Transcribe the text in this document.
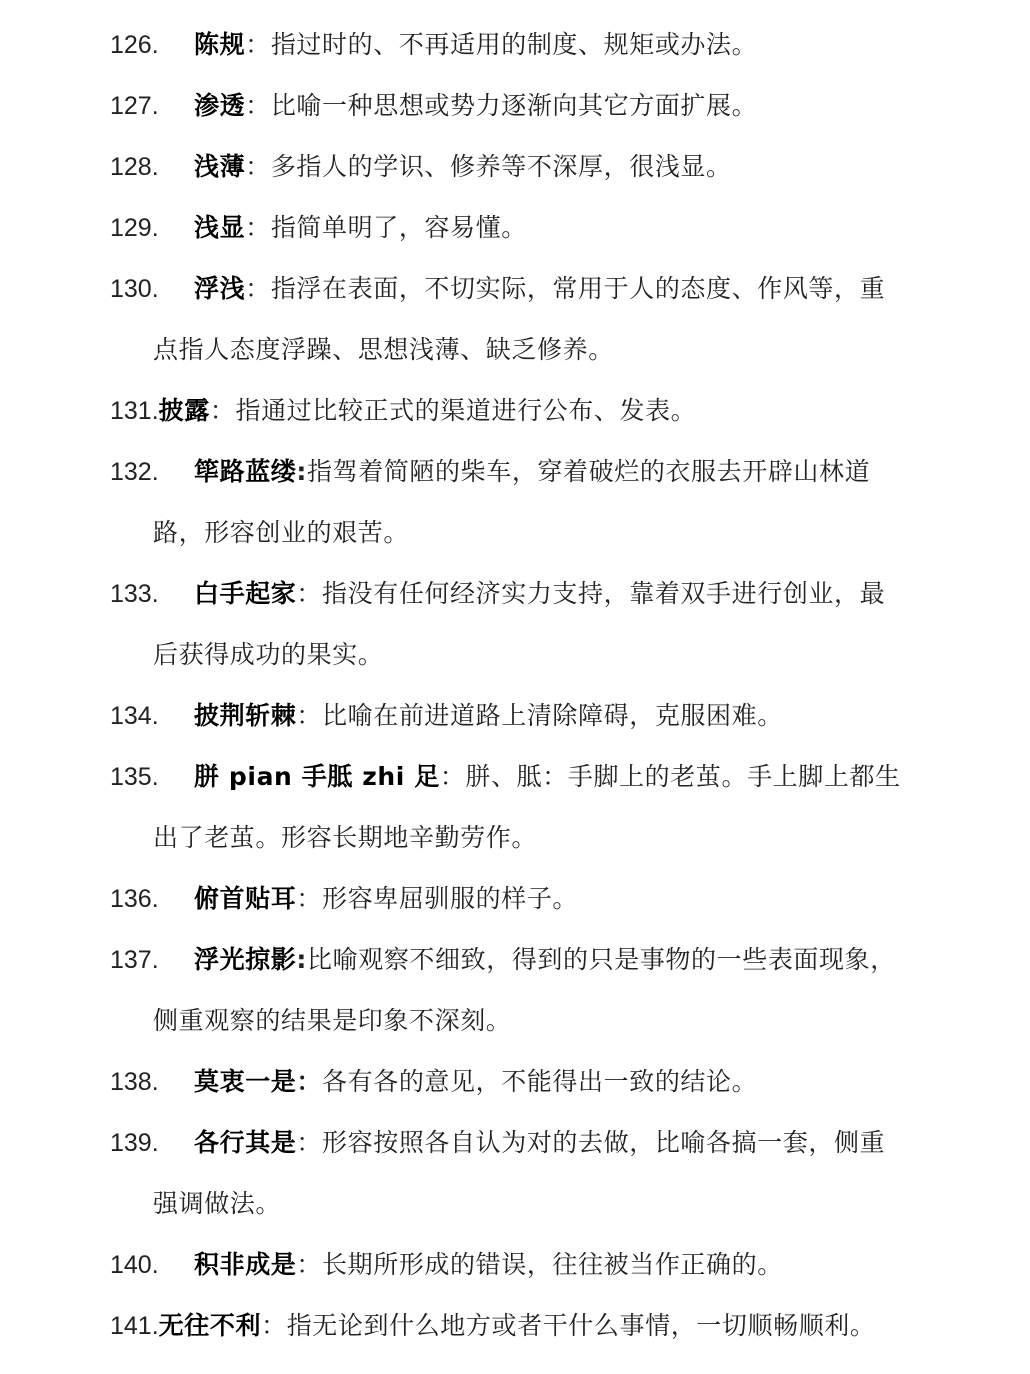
126. 陈规：指过时的、不再适用的制度、规矩或办法。
127. 渗透：比喻一种思想或势力逐渐向其它方面扩展。
128. 浅薄：多指人的学识、修养等不深厚，很浅显。
129. 浅显：指简单明了，容易懂。
130. 浮浅：指浮在表面，不切实际，常用于人的态度、作风等，重
点指人态度浮躁、思想浅薄、缺乏修养。
131.披露：指通过比较正式的渠道进行公布、发表。
132. 筚路蓝缕:指驾着简陋的柴车，穿着破烂的衣服去开辟山林道
路，形容创业的艰苦。
133. 白手起家：指没有任何经济实力支持，靠着双手进行创业，最
后获得成功的果实。
134. 披荆斩棘：比喻在前进道路上清除障碍，克服困难。
135. 胼 pian 手胝 zhi 足：胼、胝：手脚上的老茧。手上脚上都生
出了老茧。形容长期地辛勤劳作。
136. 俯首贴耳：形容卑屈驯服的样子。
137. 浮光掠影:比喻观察不细致，得到的只是事物的一些表面现象，
侧重观察的结果是印象不深刻。
138. 莫衷一是：各有各的意见，不能得出一致的结论。
139. 各行其是：形容按照各自认为对的去做，比喻各搞一套，侧重
强调做法。
140. 积非成是：长期所形成的错误，往往被当作正确的。
141.无往不利：指无论到什么地方或者干什么事情，一切顺畅顺利。
